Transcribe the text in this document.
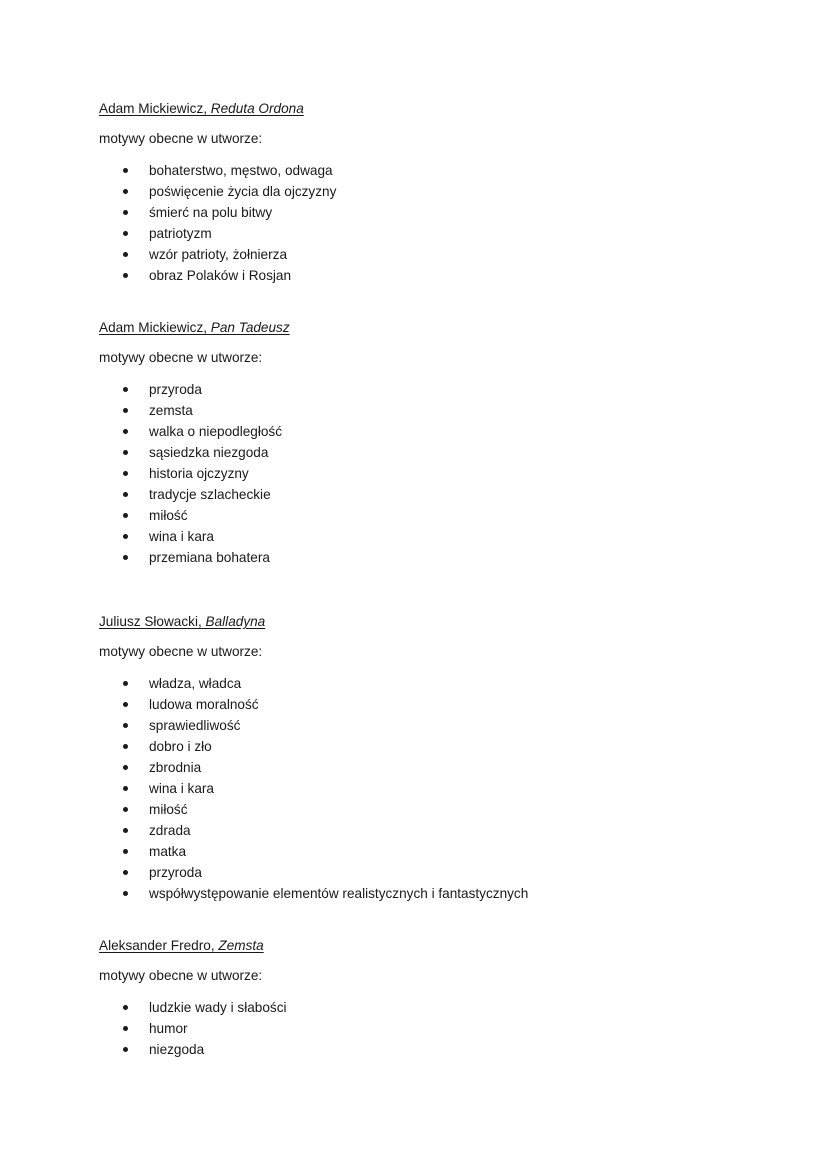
Adam Mickiewicz, Reduta Ordona
motywy obecne w utworze:
bohaterstwo, męstwo, odwaga
poświęcenie życia dla ojczyzny
śmierć na polu bitwy
patriotyzm
wzór patrioty, żołnierza
obraz Polaków i Rosjan
Adam Mickiewicz, Pan Tadeusz
motywy obecne w utworze:
przyroda
zemsta
walka o niepodległość
sąsiedzka niezgoda
historia ojczyzny
tradycje szlacheckie
miłość
wina i kara
przemiana bohatera
Juliusz Słowacki, Balladyna
motywy obecne w utworze:
władza, władca
ludowa moralność
sprawiedliwość
dobro i zło
zbrodnia
wina i kara
miłość
zdrada
matka
przyroda
współwystępowanie elementów realistycznych i fantastycznych
Aleksander Fredro, Zemsta
motywy obecne w utworze:
ludzkie wady i słabości
humor
niezgoda
